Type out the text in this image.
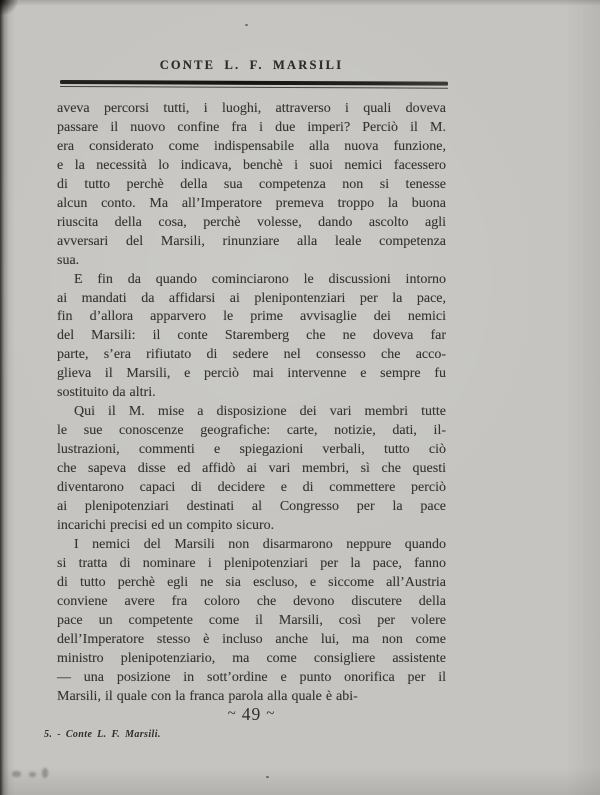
CONTE L. F. MARSILI
aveva percorsi tutti, i luoghi, attraverso i quali doveva
passare il nuovo confine fra i due imperi? Perciò il M.
era considerato come indispensabile alla nuova funzione,
e la necessità lo indicava, benchè i suoi nemici facessero
di tutto perchè della sua competenza non si tenesse
alcun conto. Ma all’Imperatore premeva troppo la buona
riuscita della cosa, perchè volesse, dando ascolto agli
avversari del Marsili, rinunziare alla leale competenza
sua.
E fin da quando cominciarono le discussioni intorno
ai mandati da affidarsi ai plenipontenziari per la pace,
fin d’allora apparvero le prime avvisaglie dei nemici
del Marsili: il conte Staremberg che ne doveva far
parte, s’era rifiutato di sedere nel consesso che acco-
glieva il Marsili, e perciò mai intervenne e sempre fu
sostituito da altri.
Qui il M. mise a disposizione dei vari membri tutte
le sue conoscenze geografiche: carte, notizie, dati, il-
lustrazioni, commenti e spiegazioni verbali, tutto ciò
che sapeva disse ed affidò ai vari membri, sì che questi
diventarono capaci di decidere e di commettere perciò
ai plenipotenziari destinati al Congresso per la pace
incarichi precisi ed un compito sicuro.
I nemici del Marsili non disarmarono neppure quando
si tratta di nominare i plenipotenziari per la pace, fanno
di tutto perchè egli ne sia escluso, e siccome all’Austria
conviene avere fra coloro che devono discutere della
pace un competente come il Marsili, così per volere
dell’Imperatore stesso è incluso anche lui, ma non come
ministro plenipotenziario, ma come consigliere assistente
— una posizione in sott’ordine e punto onorifica per il
Marsili, il quale con la franca parola alla quale è abi-
~ 49 ~
5. - Conte L. F. Marsili.
